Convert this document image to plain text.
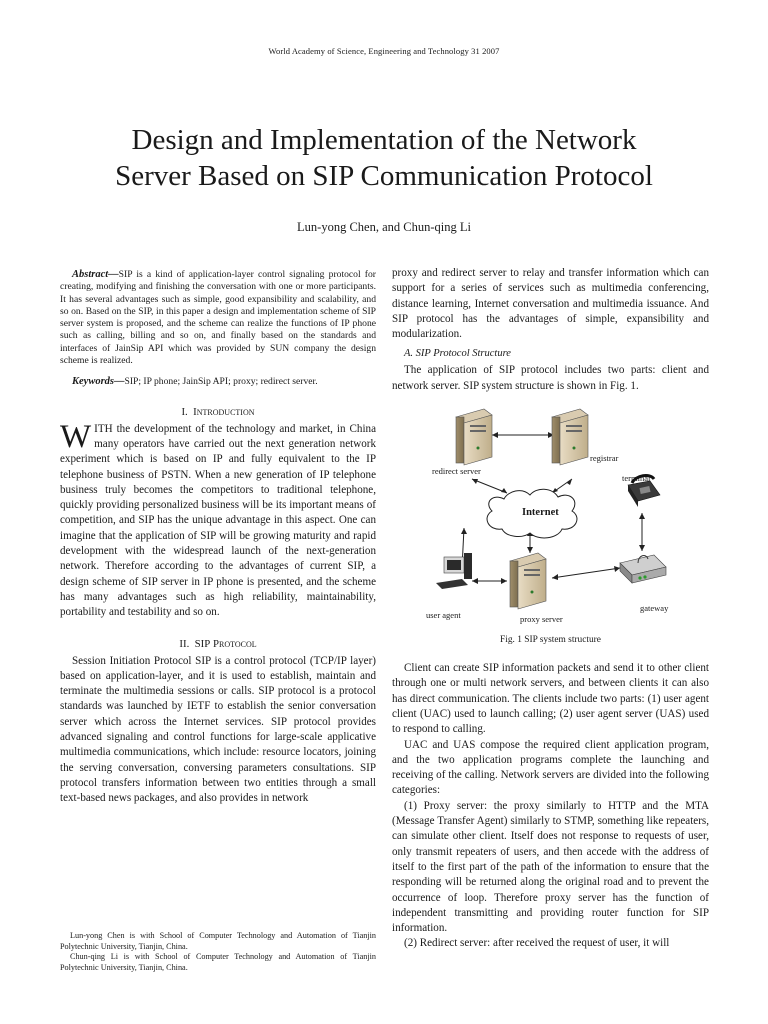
World Academy of Science, Engineering and Technology 31 2007
Design and Implementation of the Network
Server Based on SIP Communication Protocol
Lun-yong Chen, and Chun-qing Li

Abstract—SIP is a kind of application-layer control signaling protocol for creating, modifying and finishing the conversation with one or more participants. It has several advantages such as simple, good expansibility and scalability, and so on. Based on the SIP, in this paper a design and implementation scheme of SIP server system is proposed, and the scheme can realize the functions of IP phone such as calling, billing and so on, and finally based on the standards and interfaces of JainSip API which was provided by SUN company the design scheme is realized.

Keywords—SIP; IP phone; JainSip API; proxy; redirect server.

I. Introduction
W ITH the development of the technology and market, in China many operators have carried out the next generation network experiment which is based on IP and fully equivalent to the IP telephone business of PSTN. When a new generation of IP telephone business truly becomes the competitors to traditional telephone, quickly providing personalized business will be its important means of competition, and SIP has the unique advantage in this aspect. One can imagine that the application of SIP will be growing maturity and rapid development with the widespread launch of the next-generation network. Therefore according to the advantages of current SIP, a design scheme of SIP server in IP phone is presented, and the scheme has many advantages such as high reliability, maintainability, portability and testability and so on.

II. SIP Protocol

Session Initiation Protocol SIP is a control protocol (TCP/IP layer) based on application-layer, and it is used to establish, maintain and terminate the multimedia sessions or calls. SIP protocol is a protocol standards was launched by IETF to establish the senior conversation server which across the Internet services. SIP protocol provides advanced signaling and control functions for large-scale applicative multimedia communications, which include: resource locators, joining the serving conversation, conversing parameters consultations. SIP protocol transfers information between two entities through a small text-based news packages, and also provides in network

Lun-yong Chen is with School of Computer Technology and Automation of Tianjin Polytechnic University, Tianjin, China.

Chun-qing Li is with School of Computer Technology and Automation of Tianjin Polytechnic University, Tianjin, China.

proxy and redirect server to relay and transfer information which can support for a series of services such as multimedia conferencing, distance learning, Internet conversation and multimedia issuance. And SIP protocol has the advantages of simple, expansibility and modularization.

A. SIP Protocol Structure

The application of SIP protocol includes two parts: client and network server. SIP system structure is shown in Fig. 1.

redirect server
registrar
terminal
Internet
user agent	proxy server
gateway
Fig. 1 SIP system structure

Client can create SIP information packets and send it to other client through one or multi network servers, and between clients it can also has direct communication. The clients include two parts: (1) user agent client (UAC) used to launch calling; (2) user agent server (UAS) used to respond to calling.

UAC and UAS compose the required client application program, and the two application programs complete the launching and receiving of the calling. Network servers are divided into the following categories:

(1) Proxy server: the proxy similarly to HTTP and the MTA (Message Transfer Agent) similarly to STMP, something like repeaters, can simulate other client. Itself does not response to requests of user, only transmit repeaters of users, and then accede with the address of itself to the first part of the path of the information to ensure that the responding will be returned along the original road and to prevent the occurrence of loop. Therefore proxy server has the function of independent transmitting and providing router function for SIP information.

(2) Redirect server: after received the request of user, it will
